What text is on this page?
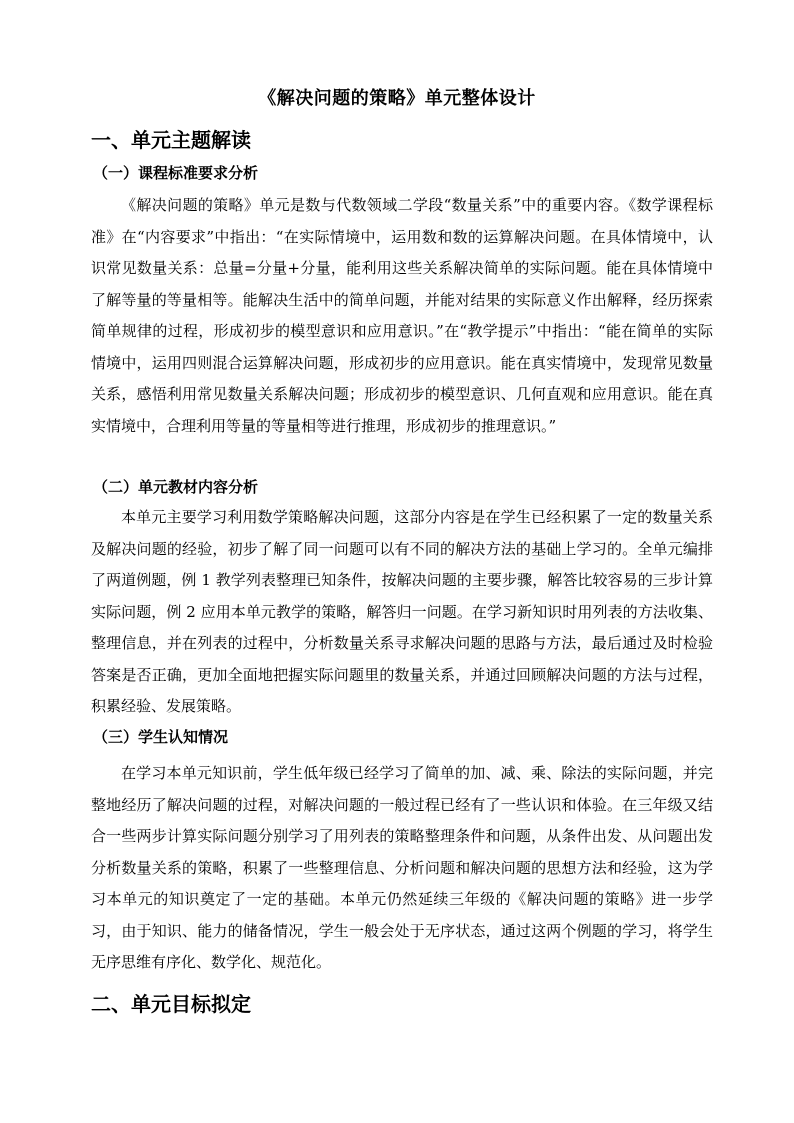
《解决问题的策略》单元整体设计
一、单元主题解读
（一）课程标准要求分析

《解决问题的策略》单元是数与代数领域二学段“数量关系”中的重要内容。《数学课程标准》在“内容要求”中指出：“在实际情境中，运用数和数的运算解决问题。在具体情境中，认识常见数量关系：总量=分量+分量，能利用这些关系解决简单的实际问题。能在具体情境中了解等量的等量相等。能解决生活中的简单问题，并能对结果的实际意义作出解释，经历探索简单规律的过程，形成初步的模型意识和应用意识。”在“教学提示”中指出：“能在简单的实际情境中，运用四则混合运算解决问题，形成初步的应用意识。能在真实情境中，发现常见数量关系，感悟利用常见数量关系解决问题；形成初步的模型意识、几何直观和应用意识。能在真实情境中，合理利用等量的等量相等进行推理，形成初步的推理意识。”

（二）单元教材内容分析

本单元主要学习利用数学策略解决问题，这部分内容是在学生已经积累了一定的数量关系及解决问题的经验，初步了解了同一问题可以有不同的解决方法的基础上学习的。全单元编排了两道例题，例 1 教学列表整理已知条件，按解决问题的主要步骤，解答比较容易的三步计算实际问题，例 2 应用本单元教学的策略，解答归一问题。在学习新知识时用列表的方法收集、整理信息，并在列表的过程中，分析数量关系寻求解决问题的思路与方法，最后通过及时检验答案是否正确，更加全面地把握实际问题里的数量关系，并通过回顾解决问题的方法与过程，积累经验、发展策略。

（三）学生认知情况

在学习本单元知识前，学生低年级已经学习了简单的加、减、乘、除法的实际问题，并完整地经历了解决问题的过程，对解决问题的一般过程已经有了一些认识和体验。在三年级又结合一些两步计算实际问题分别学习了用列表的策略整理条件和问题，从条件出发、从问题出发分析数量关系的策略，积累了一些整理信息、分析问题和解决问题的思想方法和经验，这为学习本单元的知识奠定了一定的基础。本单元仍然延续三年级的《解决问题的策略》进一步学习，由于知识、能力的储备情况，学生一般会处于无序状态，通过这两个例题的学习，将学生无序思维有序化、数学化、规范化。

二、单元目标拟定
